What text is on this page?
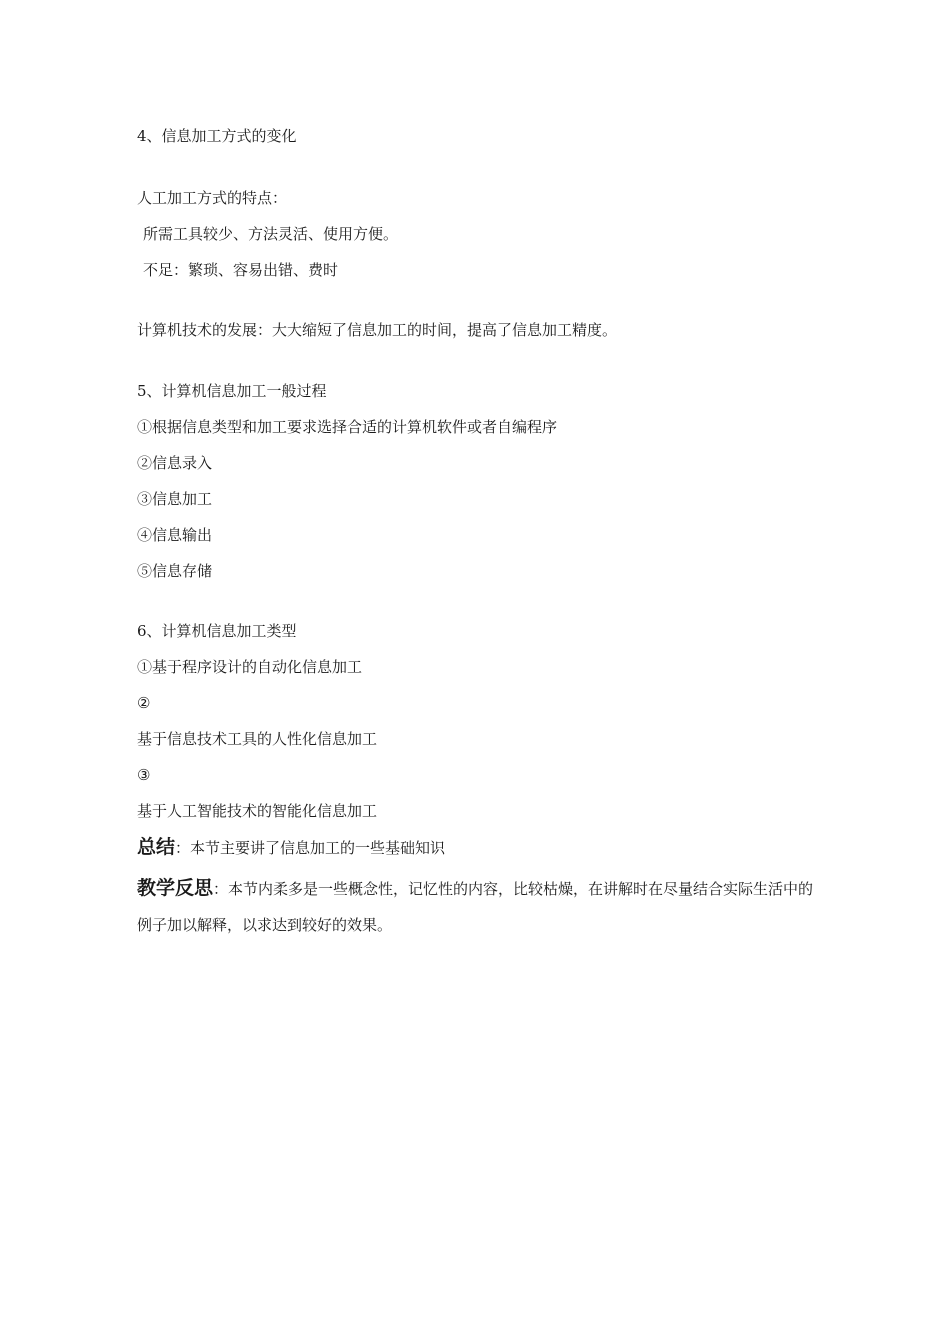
4、信息加工方式的变化
人工加工方式的特点：
所需工具较少、方法灵活、使用方便。
不足：繁琐、容易出错、费时
计算机技术的发展：大大缩短了信息加工的时间，提高了信息加工精度。
5、计算机信息加工一般过程
①根据信息类型和加工要求选择合适的计算机软件或者自编程序
②信息录入
③信息加工
④信息输出
⑤信息存储
6、计算机信息加工类型
①基于程序设计的自动化信息加工
②
基于信息技术工具的人性化信息加工
③
基于人工智能技术的智能化信息加工
总结：本节主要讲了信息加工的一些基础知识
教学反思：本节内柔多是一些概念性，记忆性的内容，比较枯燥，在讲解时在尽量结合实际生活中的例子加以解释，以求达到较好的效果。
